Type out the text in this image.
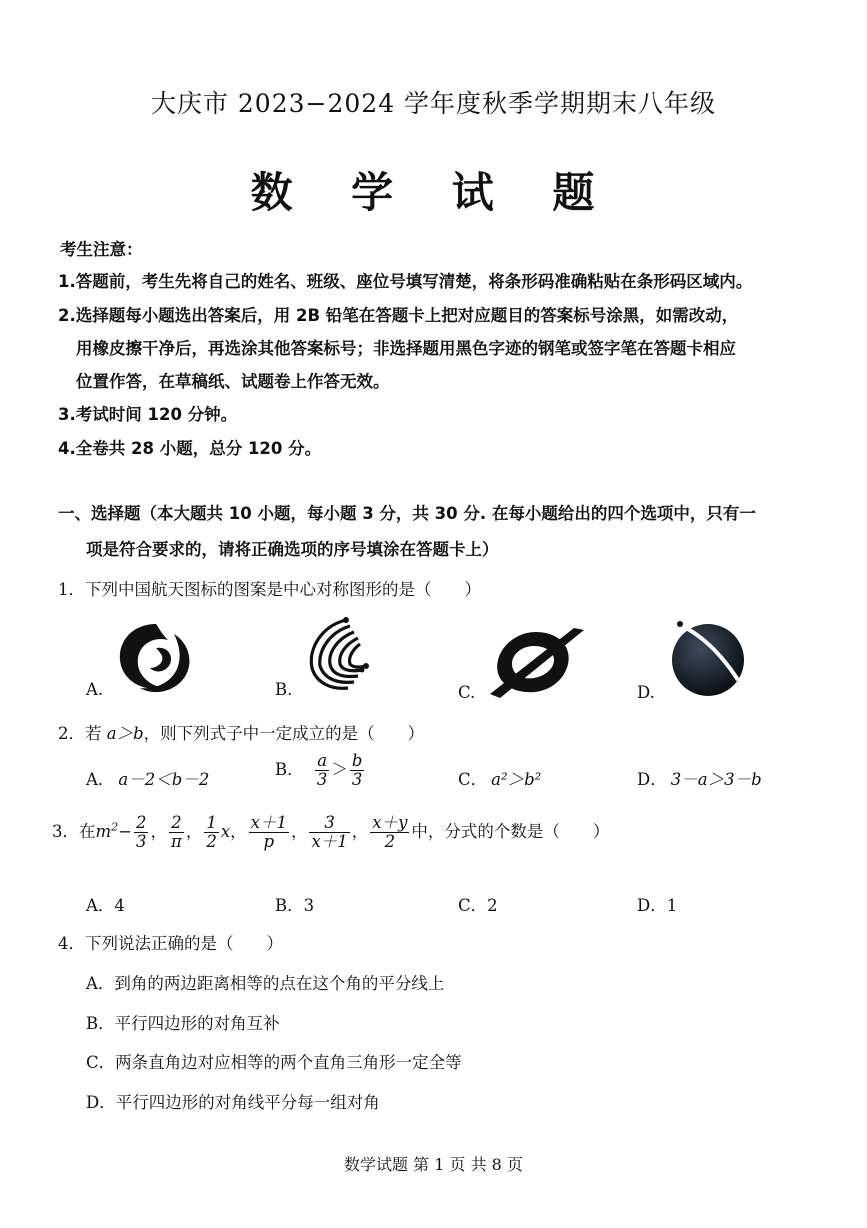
大庆市 2023−2024 学年度秋季学期期末八年级
数 学 试 题
考生注意：
1.答题前，考生先将自己的姓名、班级、座位号填写清楚，将条形码准确粘贴在条形码区域内。
2.选择题每小题选出答案后，用 2B 铅笔在答题卡上把对应题目的答案标号涂黑，如需改动，
用橡皮擦干净后，再选涂其他答案标号；非选择题用黑色字迹的钢笔或签字笔在答题卡相应
位置作答，在草稿纸、试题卷上作答无效。
3.考试时间 120 分钟。
4.全卷共 28 小题，总分 120 分。
一、选择题（本大题共 10 小题，每小题 3 分，共 30 分. 在每小题给出的四个选项中，只有一
项是符合要求的，请将正确选项的序号填涂在答题卡上）
1．下列中国航天图标的图案是中心对称图形的是（　　）
A.	B.	C.	D.
2．若 a＞b，则下列式子中一定成立的是（　　）
A． a－2＜b－2
B． $\frac{a}{3} > \frac{b}{3}$	C． a²＞b²	D． 3－a＞3－b
3．在$m^2- \frac{2}{3}$ ， $\frac{2}{\pi}$ ， $\frac{1}{2}$ x， $\frac{x+1}{p}$ ， $\frac{3}{x+1}$ ， $\frac{x+y}{2}$ 中，分式的个数是（　　）
A．4	B．3	C．2	D．1
4．下列说法正确的是（　　）
A．到角的两边距离相等的点在这个角的平分线上
B．平行四边形的对角互补
C．两条直角边对应相等的两个直角三角形一定全等
D．平行四边形的对角线平分每一组对角
数学试题 第 1 页 共 8 页
